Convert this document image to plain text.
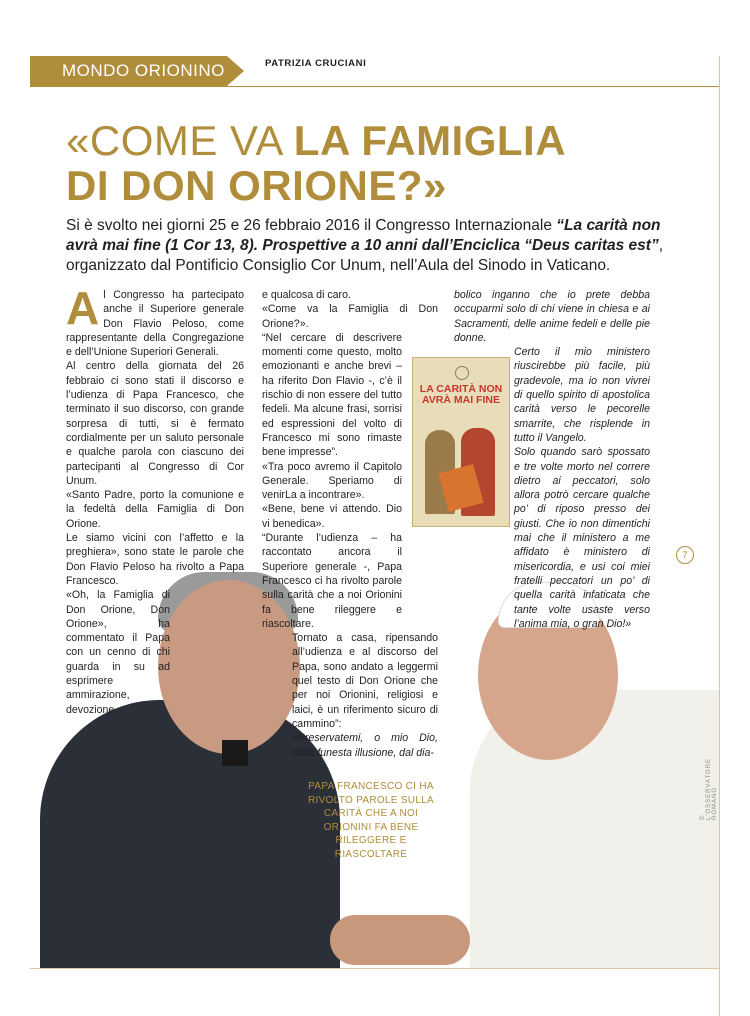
MONDO ORIONINO	PATRIZIA CRUCIANI
«COME VA LA FAMIGLIA
DI DON ORIONE?»
Si è svolto nei giorni 25 e 26 febbraio 2016 il Congresso Internazionale “La carità non avrà mai fine (1 Cor 13, 8). Prospettive a 10 anni dall’Enciclica “Deus caritas est”, organizzato dal Pontificio Consiglio Cor Unum, nell’Aula del Sinodo in Vaticano.

Al Congresso ha partecipato anche il Superiore generale Don Flavio Peloso, come rappresentante della Congregazione e dell’Unione Superiori Generali.

Al centro della giornata del 26 febbraio ci sono stati il discorso e l’udienza di Papa Francesco, che terminato il suo discorso, con grande sorpresa di tutti, si è fermato cordialmente per un saluto personale e qualche parola con ciascuno dei partecipanti al Congresso di Cor Unum.

«Santo Padre, porto la comunione e la fedeltà della Famiglia di Don Orione.

Le siamo vicini con l’affetto e la preghiera», sono state le parole che Don Flavio Peloso ha rivolto a Papa Francesco.

«Oh, la Famiglia di Don Orione, Don Orione», ha commentato il Papa con un cenno di chi guarda in su ad esprimere ammirazione, devozione

e qualcosa di caro.

«Come va la Famiglia di Don Orione?».

“Nel cercare di descrivere momenti come questo, molto emozionanti e anche brevi – ha riferito Don Flavio -, c’è il rischio di non essere del tutto fedeli. Ma alcune frasi, sorrisi ed espressioni del volto di Francesco mi sono rimaste bene impresse”.

«Tra poco avremo il Capitolo Generale. Speriamo di venirLa a incontrare».

«Bene, bene vi attendo. Dio vi benedica».

“Durante l’udienza – ha raccontato ancora il Superiore generale -, Papa Francesco ci ha rivolto parole sulla carità che a noi Orionini fa bene rileggere e riascoltare.

Tornato a casa, ripensando all’udienza e al discorso del Papa, sono andato a leggermi quel testo di Don Orione che per noi Orionini, religiosi e laici, è un riferimento sicuro di cammino”:

«Preservatemi, o mio Dio, dalla funesta illusione, dal dia-

LA CARITÀ NON AVRÀ MAI FINE

bolico inganno che io prete debba occuparmi solo di chi viene in chiesa e ai Sacramenti, delle anime fedeli e delle pie donne.

Certo il mio ministero riuscirebbe più facile, più gradevole, ma io non vivrei di quello spirito di apostolica carità verso le pecorelle smarrite, che risplende in tutto il Vangelo.

Solo quando sarò spossato e tre volte morto nel correre dietro ai peccatori, solo allora potrò cercare qualche po’ di riposo presso dei giusti. Che io non dimentichi mai che il ministero a me affidato è ministero di misericordia, e usi coi miei fratelli peccatori un po’ di quella carità infaticata che tante volte usaste verso l’anima mia, o gran Dio!»

PAPA FRANCESCO CI HA RIVOLTO PAROLE SULLA CARITÀ CHE A NOI ORIONINI FA BENE RILEGGERE E RIASCOLTARE
© L'OSSERVATORE ROMANO
7
